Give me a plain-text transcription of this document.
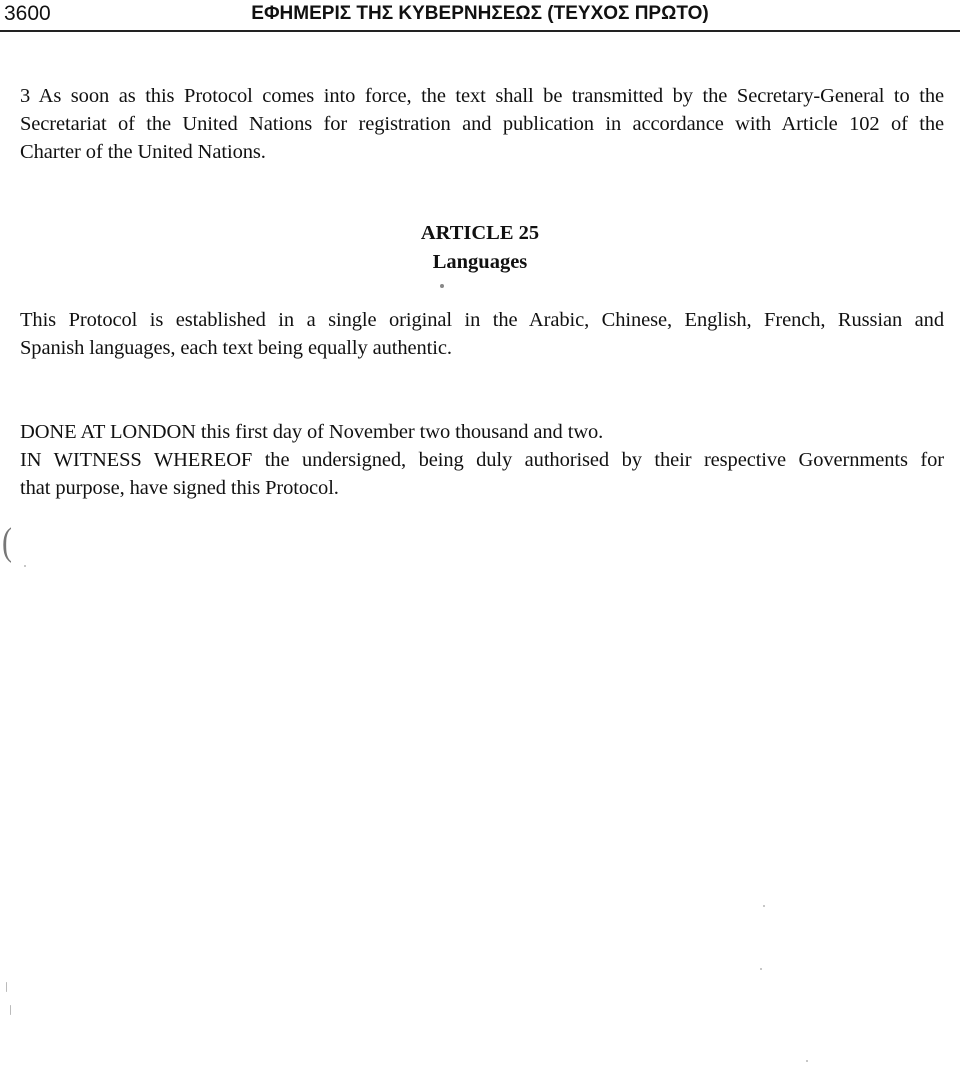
3600	ΕΦΗΜΕΡΙΣ ΤΗΣ ΚΥΒΕΡΝΗΣΕΩΣ (ΤΕΥΧΟΣ ΠΡΩΤΟ)
3 As soon as this Protocol comes into force, the text shall be transmitted by the Secretary-General to the
Secretariat of the United Nations for registration and publication in accordance with Article 102 of the
Charter of the United Nations.
ARTICLE 25
Languages
This Protocol is established in a single original in the Arabic, Chinese, English, French, Russian and
Spanish languages, each text being equally authentic.
DONE AT LONDON this first day of November two thousand and two.
IN WITNESS WHEREOF the undersigned, being duly authorised by their respective Governments for
that purpose, have signed this Protocol.
(
